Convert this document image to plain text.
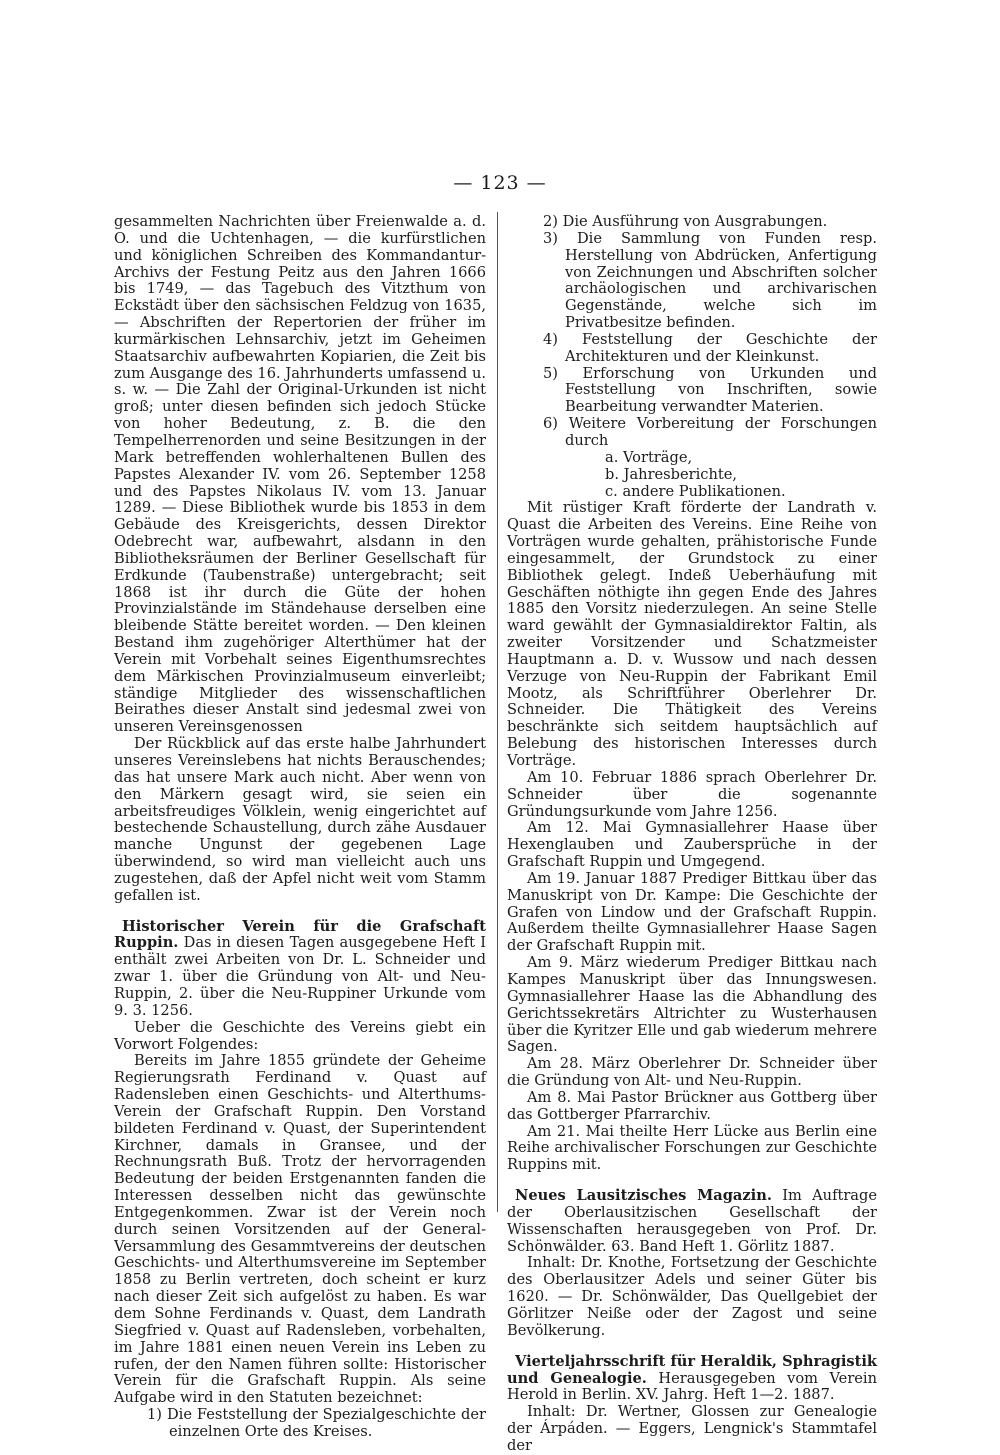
— 123 —

gesammelten Nachrichten über Freienwalde a. d. O. und die Uchtenhagen, — die kurfürstlichen und königlichen Schreiben des Kommandantur-Archivs der Festung Peitz aus den Jahren 1666 bis 1749, — das Tagebuch des Vitzthum von Eckstädt über den sächsischen Feldzug von 1635, — Abschriften der Repertorien der früher im kurmärkischen Lehnsarchiv, jetzt im Geheimen Staatsarchiv aufbewahrten Kopiarien, die Zeit bis zum Ausgange des 16. Jahrhunderts umfassend u. s. w. — Die Zahl der Original-Urkunden ist nicht groß; unter diesen befinden sich jedoch Stücke von hoher Bedeutung, z. B. die den Tempelherrenorden und seine Besitzungen in der Mark betreffenden wohlerhaltenen Bullen des Papstes Alexander IV. vom 26. September 1258 und des Papstes Nikolaus IV. vom 13. Januar 1289. — Diese Bibliothek wurde bis 1853 in dem Gebäude des Kreisgerichts, dessen Direktor Odebrecht war, aufbewahrt, alsdann in den Bibliotheksräumen der Berliner Gesellschaft für Erdkunde (Taubenstraße) untergebracht; seit 1868 ist ihr durch die Güte der hohen Provinzialstände im Ständehause derselben eine bleibende Stätte bereitet worden. — Den kleinen Bestand ihm zugehöriger Alterthümer hat der Verein mit Vorbehalt seines Eigenthumsrechtes dem Märkischen Provinzialmuseum einverleibt; ständige Mitglieder des wissenschaftlichen Beirathes dieser Anstalt sind jedesmal zwei von unseren Vereinsgenossen

Der Rückblick auf das erste halbe Jahrhundert unseres Vereinslebens hat nichts Berauschendes; das hat unsere Mark auch nicht. Aber wenn von den Märkern gesagt wird, sie seien ein arbeitsfreudiges Völklein, wenig eingerichtet auf bestechende Schaustellung, durch zähe Ausdauer manche Ungunst der gegebenen Lage überwindend, so wird man vielleicht auch uns zugestehen, daß der Apfel nicht weit vom Stamm gefallen ist.

Historischer Verein für die Grafschaft Ruppin. Das in diesen Tagen ausgegebene Heft I enthält zwei Arbeiten von Dr. L. Schneider und zwar 1. über die Gründung von Alt- und Neu-Ruppin, 2. über die Neu-Ruppiner Urkunde vom 9. 3. 1256.

Ueber die Geschichte des Vereins giebt ein Vorwort Folgendes:

Bereits im Jahre 1855 gründete der Geheime Regierungsrath Ferdinand v. Quast auf Radensleben einen Geschichts- und Alterthums-Verein der Grafschaft Ruppin. Den Vorstand bildeten Ferdinand v. Quast, der Superintendent Kirchner, damals in Gransee, und der Rechnungsrath Buß. Trotz der hervorragenden Bedeutung der beiden Erstgenannten fanden die Interessen desselben nicht das gewünschte Entgegenkommen. Zwar ist der Verein noch durch seinen Vorsitzenden auf der General-Versammlung des Gesammtvereins der deutschen Geschichts- und Alterthumsvereine im September 1858 zu Berlin vertreten, doch scheint er kurz nach dieser Zeit sich aufgelöst zu haben. Es war dem Sohne Ferdinands v. Quast, dem Landrath Siegfried v. Quast auf Radensleben, vorbehalten, im Jahre 1881 einen neuen Verein ins Leben zu rufen, der den Namen führen sollte: Historischer Verein für die Grafschaft Ruppin. Als seine Aufgabe wird in den Statuten bezeichnet:

1) Die Feststellung der Spezialgeschichte der einzelnen Orte des Kreises.

2) Die Ausführung von Ausgrabungen.

3) Die Sammlung von Funden resp. Herstellung von Abdrücken, Anfertigung von Zeichnungen und Abschriften solcher archäologischen und archivarischen Gegenstände, welche sich im Privatbesitze befinden.

4) Feststellung der Geschichte der Architekturen und der Kleinkunst.

5) Erforschung von Urkunden und Feststellung von Inschriften, sowie Bearbeitung verwandter Materien.

6) Weitere Vorbereitung der Forschungen durch

a. Vorträge,

b. Jahresberichte,

c. andere Publikationen.

Mit rüstiger Kraft förderte der Landrath v. Quast die Arbeiten des Vereins. Eine Reihe von Vorträgen wurde gehalten, prähistorische Funde eingesammelt, der Grundstock zu einer Bibliothek gelegt. Indeß Ueberhäufung mit Geschäften nöthigte ihn gegen Ende des Jahres 1885 den Vorsitz niederzulegen. An seine Stelle ward gewählt der Gymnasialdirektor Faltin, als zweiter Vorsitzender und Schatzmeister Hauptmann a. D. v. Wussow und nach dessen Verzuge von Neu-Ruppin der Fabrikant Emil Mootz, als Schriftführer Oberlehrer Dr. Schneider. Die Thätigkeit des Vereins beschränkte sich seitdem hauptsächlich auf Belebung des historischen Interesses durch Vorträge.

Am 10. Februar 1886 sprach Oberlehrer Dr. Schneider über die sogenannte Gründungsurkunde vom Jahre 1256.

Am 12. Mai Gymnasiallehrer Haase über Hexenglauben und Zaubersprüche in der Grafschaft Ruppin und Umgegend.

Am 19. Januar 1887 Prediger Bittkau über das Manuskript von Dr. Kampe: Die Geschichte der Grafen von Lindow und der Grafschaft Ruppin. Außerdem theilte Gymnasiallehrer Haase Sagen der Grafschaft Ruppin mit.

Am 9. März wiederum Prediger Bittkau nach Kampes Manuskript über das Innungswesen. Gymnasiallehrer Haase las die Abhandlung des Gerichtssekretärs Altrichter zu Wusterhausen über die Kyritzer Elle und gab wiederum mehrere Sagen.

Am 28. März Oberlehrer Dr. Schneider über die Gründung von Alt- und Neu-Ruppin.

Am 8. Mai Pastor Brückner aus Gottberg über das Gottberger Pfarrarchiv.

Am 21. Mai theilte Herr Lücke aus Berlin eine Reihe archivalischer Forschungen zur Geschichte Ruppins mit.

Neues Lausitzisches Magazin. Im Auftrage der Oberlausitzischen Gesellschaft der Wissenschaften herausgegeben von Prof. Dr. Schönwälder. 63. Band Heft 1. Görlitz 1887.

Inhalt: Dr. Knothe, Fortsetzung der Geschichte des Oberlausitzer Adels und seiner Güter bis 1620. — Dr. Schönwälder, Das Quellgebiet der Görlitzer Neiße oder der Zagost und seine Bevölkerung.

Vierteljahrsschrift für Heraldik, Sphragistik und Genealogie. Herausgegeben vom Verein Herold in Berlin. XV. Jahrg. Heft 1—2. 1887.

Inhalt: Dr. Wertner, Glossen zur Genealogie der Árpáden. — Eggers, Lengnick's Stammtafel der
